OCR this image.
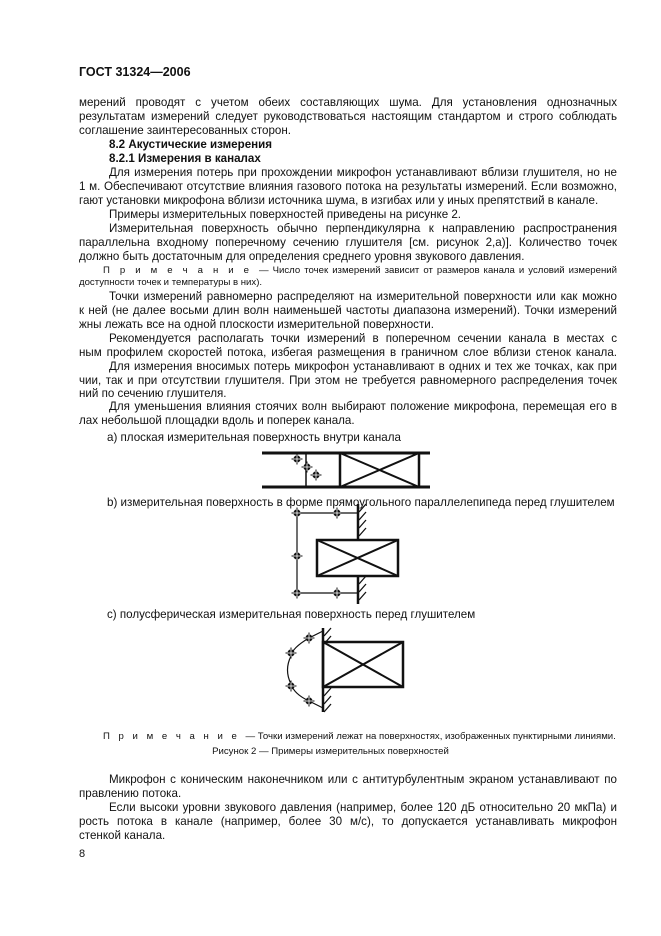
ГОСТ 31324—2006
мерений проводят с учетом обеих составляющих шума. Для установления однозначных
результатам измерений следует руководствоваться настоящим стандартом и строго соблюдать
соглашение заинтересованных сторон.
8.2 Акустические измерения
8.2.1 Измерения в каналах
Для измерения потерь при прохождении микрофон устанавливают вблизи глушителя, но не
1 м. Обеспечивают отсутствие влияния газового потока на результаты измерений. Если возможно,
гают установки микрофона вблизи источника шума, в изгибах или у иных препятствий в канале.
Примеры измерительных поверхностей приведены на рисунке 2.
Измерительная поверхность обычно перпендикулярна к направлению распространения
параллельна входному поперечному сечению глушителя [см. рисунок 2,а)]. Количество точек
должно быть достаточным для определения среднего уровня звукового давления.
П р и м е ч а н и е — Число точек измерений зависит от размеров канала и условий измерений
доступности точек и температуры в них).
Точки измерений равномерно распределяют на измерительной поверхности или как можно
к ней (не далее восьми длин волн наименьшей частоты диапазона измерений). Точки измерений
жны лежать все на одной плоскости измерительной поверхности.
Рекомендуется располагать точки измерений в поперечном сечении канала в местах с
ным профилем скоростей потока, избегая размещения в граничном слое вблизи стенок канала.
Для измерения вносимых потерь микрофон устанавливают в одних и тех же точках, как при
чии, так и при отсутствии глушителя. При этом не требуется равномерного распределения точек
ний по сечению глушителя.
Для уменьшения влияния стоячих волн выбирают положение микрофона, перемещая его в
лах небольшой площадки вдоль и поперек канала.
а) плоская измерительная поверхность внутри канала
b) измерительная поверхность в форме прямоугольного параллелепипеда перед глушителем
с) полусферическая измерительная поверхность перед глушителем
П р и м е ч а н и е — Точки измерений лежат на поверхностях, изображенных пунктирными линиями.
Микрофон с коническим наконечником или с антитурбулентным экраном устанавливают по
правлению потока.
Если высоки уровни звукового давления (например, более 120 дБ относительно 20 мкПа) и
рость потока в канале (например, более 30 м/с), то допускается устанавливать микрофон
стенкой канала.
Рисунок 2 — Примеры измерительных поверхностей
8
